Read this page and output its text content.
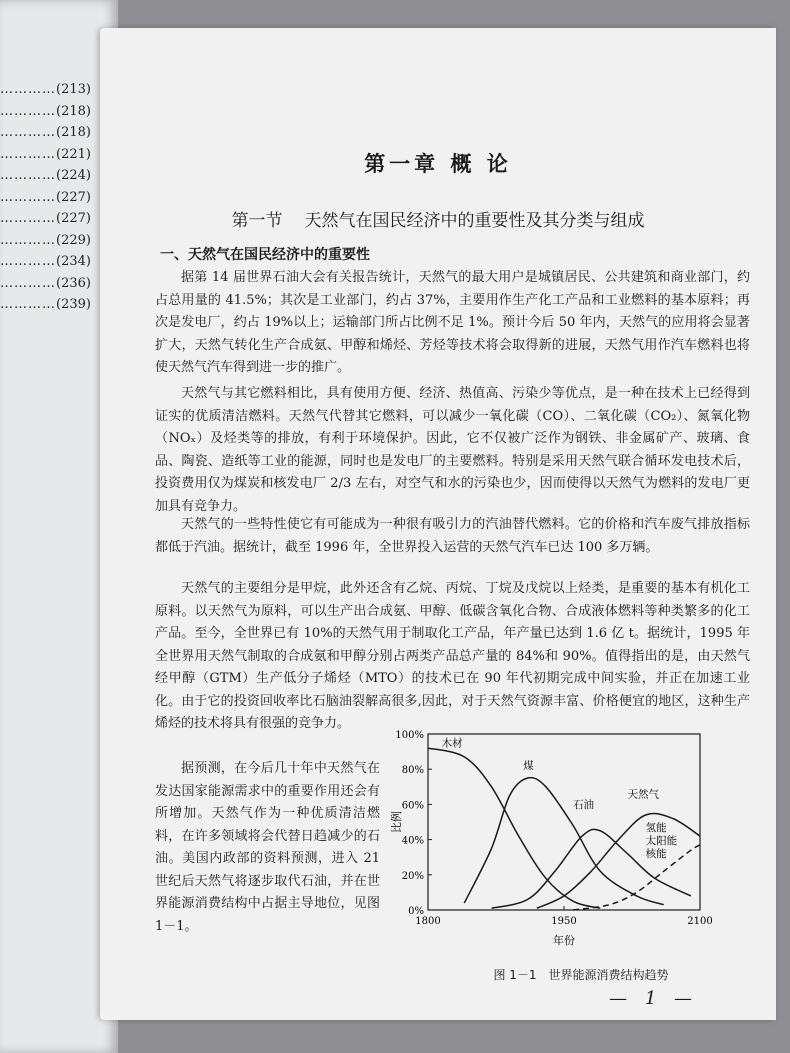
…………(213)
…………(218)
…………(218)
…………(221)
…………(224)
…………(227)
…………(227)
…………(229)
…………(234)
…………(236)
…………(239)
第一章 概 论
第一节 天然气在国民经济中的重要性及其分类与组成
一、天然气在国民经济中的重要性

据第 14 届世界石油大会有关报告统计，天然气的最大用户是城镇居民、公共建筑和商业部门，约占总用量的 41.5%；其次是工业部门，约占 37%，主要用作生产化工产品和工业燃料的基本原料；再次是发电厂，约占 19%以上；运输部门所占比例不足 1%。预计今后 50 年内，天然气的应用将会显著扩大，天然气转化生产合成氨、甲醇和烯烃、芳烃等技术将会取得新的进展，天然气用作汽车燃料也将使天然气汽车得到进一步的推广。

天然气与其它燃料相比，具有使用方便、经济、热值高、污染少等优点，是一种在技术上已经得到证实的优质清洁燃料。天然气代替其它燃料，可以减少一氧化碳（CO）、二氧化碳（CO₂）、氮氧化物（NOₓ）及烃类等的排放，有利于环境保护。因此，它不仅被广泛作为钢铁、非金属矿产、玻璃、食品、陶瓷、造纸等工业的能源，同时也是发电厂的主要燃料。特别是采用天然气联合循环发电技术后，投资费用仅为煤炭和核发电厂 2/3 左右，对空气和水的污染也少，因而使得以天然气为燃料的发电厂更加具有竞争力。

天然气的一些特性使它有可能成为一种很有吸引力的汽油替代燃料。它的价格和汽车废气排放指标都低于汽油。据统计，截至 1996 年，全世界投入运营的天然气汽车已达 100 多万辆。

天然气的主要组分是甲烷，此外还含有乙烷、丙烷、丁烷及戊烷以上烃类，是重要的基本有机化工原料。以天然气为原料，可以生产出合成氨、甲醇、低碳含氧化合物、合成液体燃料等种类繁多的化工产品。至今，全世界已有 10%的天然气用于制取化工产品，年产量已达到 1.6 亿 t。据统计，1995 年全世界用天然气制取的合成氨和甲醇分别占两类产品总产量的 84%和 90%。值得指出的是，由天然气经甲醇（GTM）生产低分子烯烃（MTO）的技术已在 90 年代初期完成中间实验，并正在加速工业化。由于它的投资回收率比石脑油裂解高很多,因此，对于天然气资源丰富、价格便宜的地区，这种生产烯烃的技术将具有很强的竞争力。

据预测，在今后几十年中天然气在发达国家能源需求中的重要作用还会有所增加。天然气作为一种优质清洁燃料，在许多领域将会代替日趋减少的石油。美国内政部的资料预测，进入 21 世纪后天然气将逐步取代石油，并在世界能源消费结构中占据主导地位，见图 1－1。

0%
20%
40%
60%
80%
100%
1800	1950	2100
年份
比例
木材
煤
石油
天然气
氢能
太阳能
核能
图 1－1　世界能源消费结构趋势
— 1 —
